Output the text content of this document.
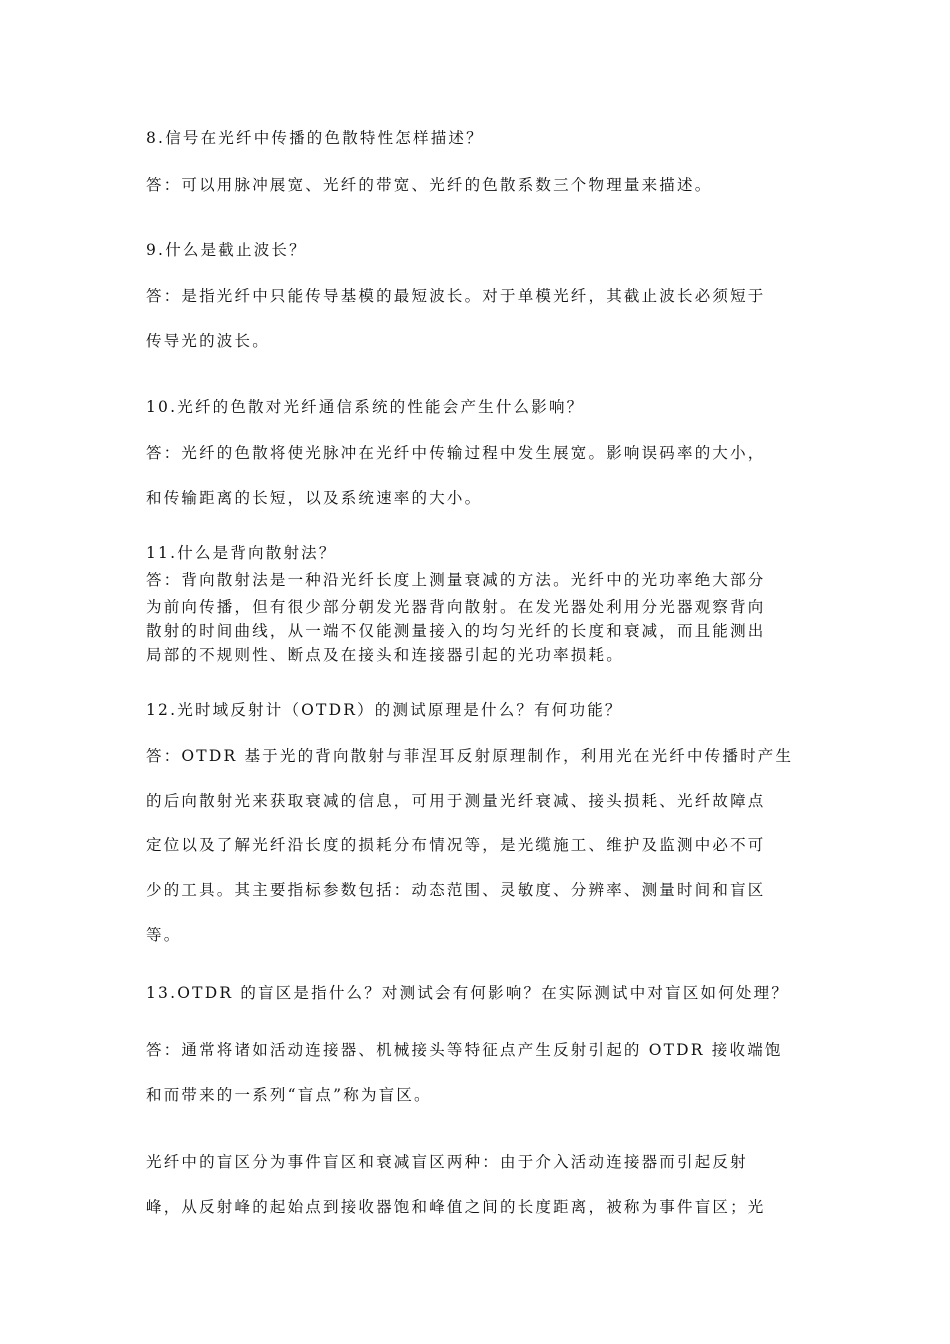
8.信号在光纤中传播的色散特性怎样描述？
答：可以用脉冲展宽、光纤的带宽、光纤的色散系数三个物理量来描述。
9.什么是截止波长？
答：是指光纤中只能传导基模的最短波长。对于单模光纤，其截止波长必须短于
传导光的波长。
10.光纤的色散对光纤通信系统的性能会产生什么影响？
答：光纤的色散将使光脉冲在光纤中传输过程中发生展宽。影响误码率的大小，
和传输距离的长短，以及系统速率的大小。
11.什么是背向散射法？
答：背向散射法是一种沿光纤长度上测量衰减的方法。光纤中的光功率绝大部分
为前向传播，但有很少部分朝发光器背向散射。在发光器处利用分光器观察背向
散射的时间曲线，从一端不仅能测量接入的均匀光纤的长度和衰减，而且能测出
局部的不规则性、断点及在接头和连接器引起的光功率损耗。
12.光时域反射计（OTDR）的测试原理是什么？有何功能？
答：OTDR 基于光的背向散射与菲涅耳反射原理制作，利用光在光纤中传播时产生
的后向散射光来获取衰减的信息，可用于测量光纤衰减、接头损耗、光纤故障点
定位以及了解光纤沿长度的损耗分布情况等，是光缆施工、维护及监测中必不可
少的工具。其主要指标参数包括：动态范围、灵敏度、分辨率、测量时间和盲区
等。
13.OTDR 的盲区是指什么？对测试会有何影响？在实际测试中对盲区如何处理？
答：通常将诸如活动连接器、机械接头等特征点产生反射引起的 OTDR 接收端饱
和而带来的一系列“盲点”称为盲区。
光纤中的盲区分为事件盲区和衰减盲区两种：由于介入活动连接器而引起反射
峰，从反射峰的起始点到接收器饱和峰值之间的长度距离，被称为事件盲区；光
